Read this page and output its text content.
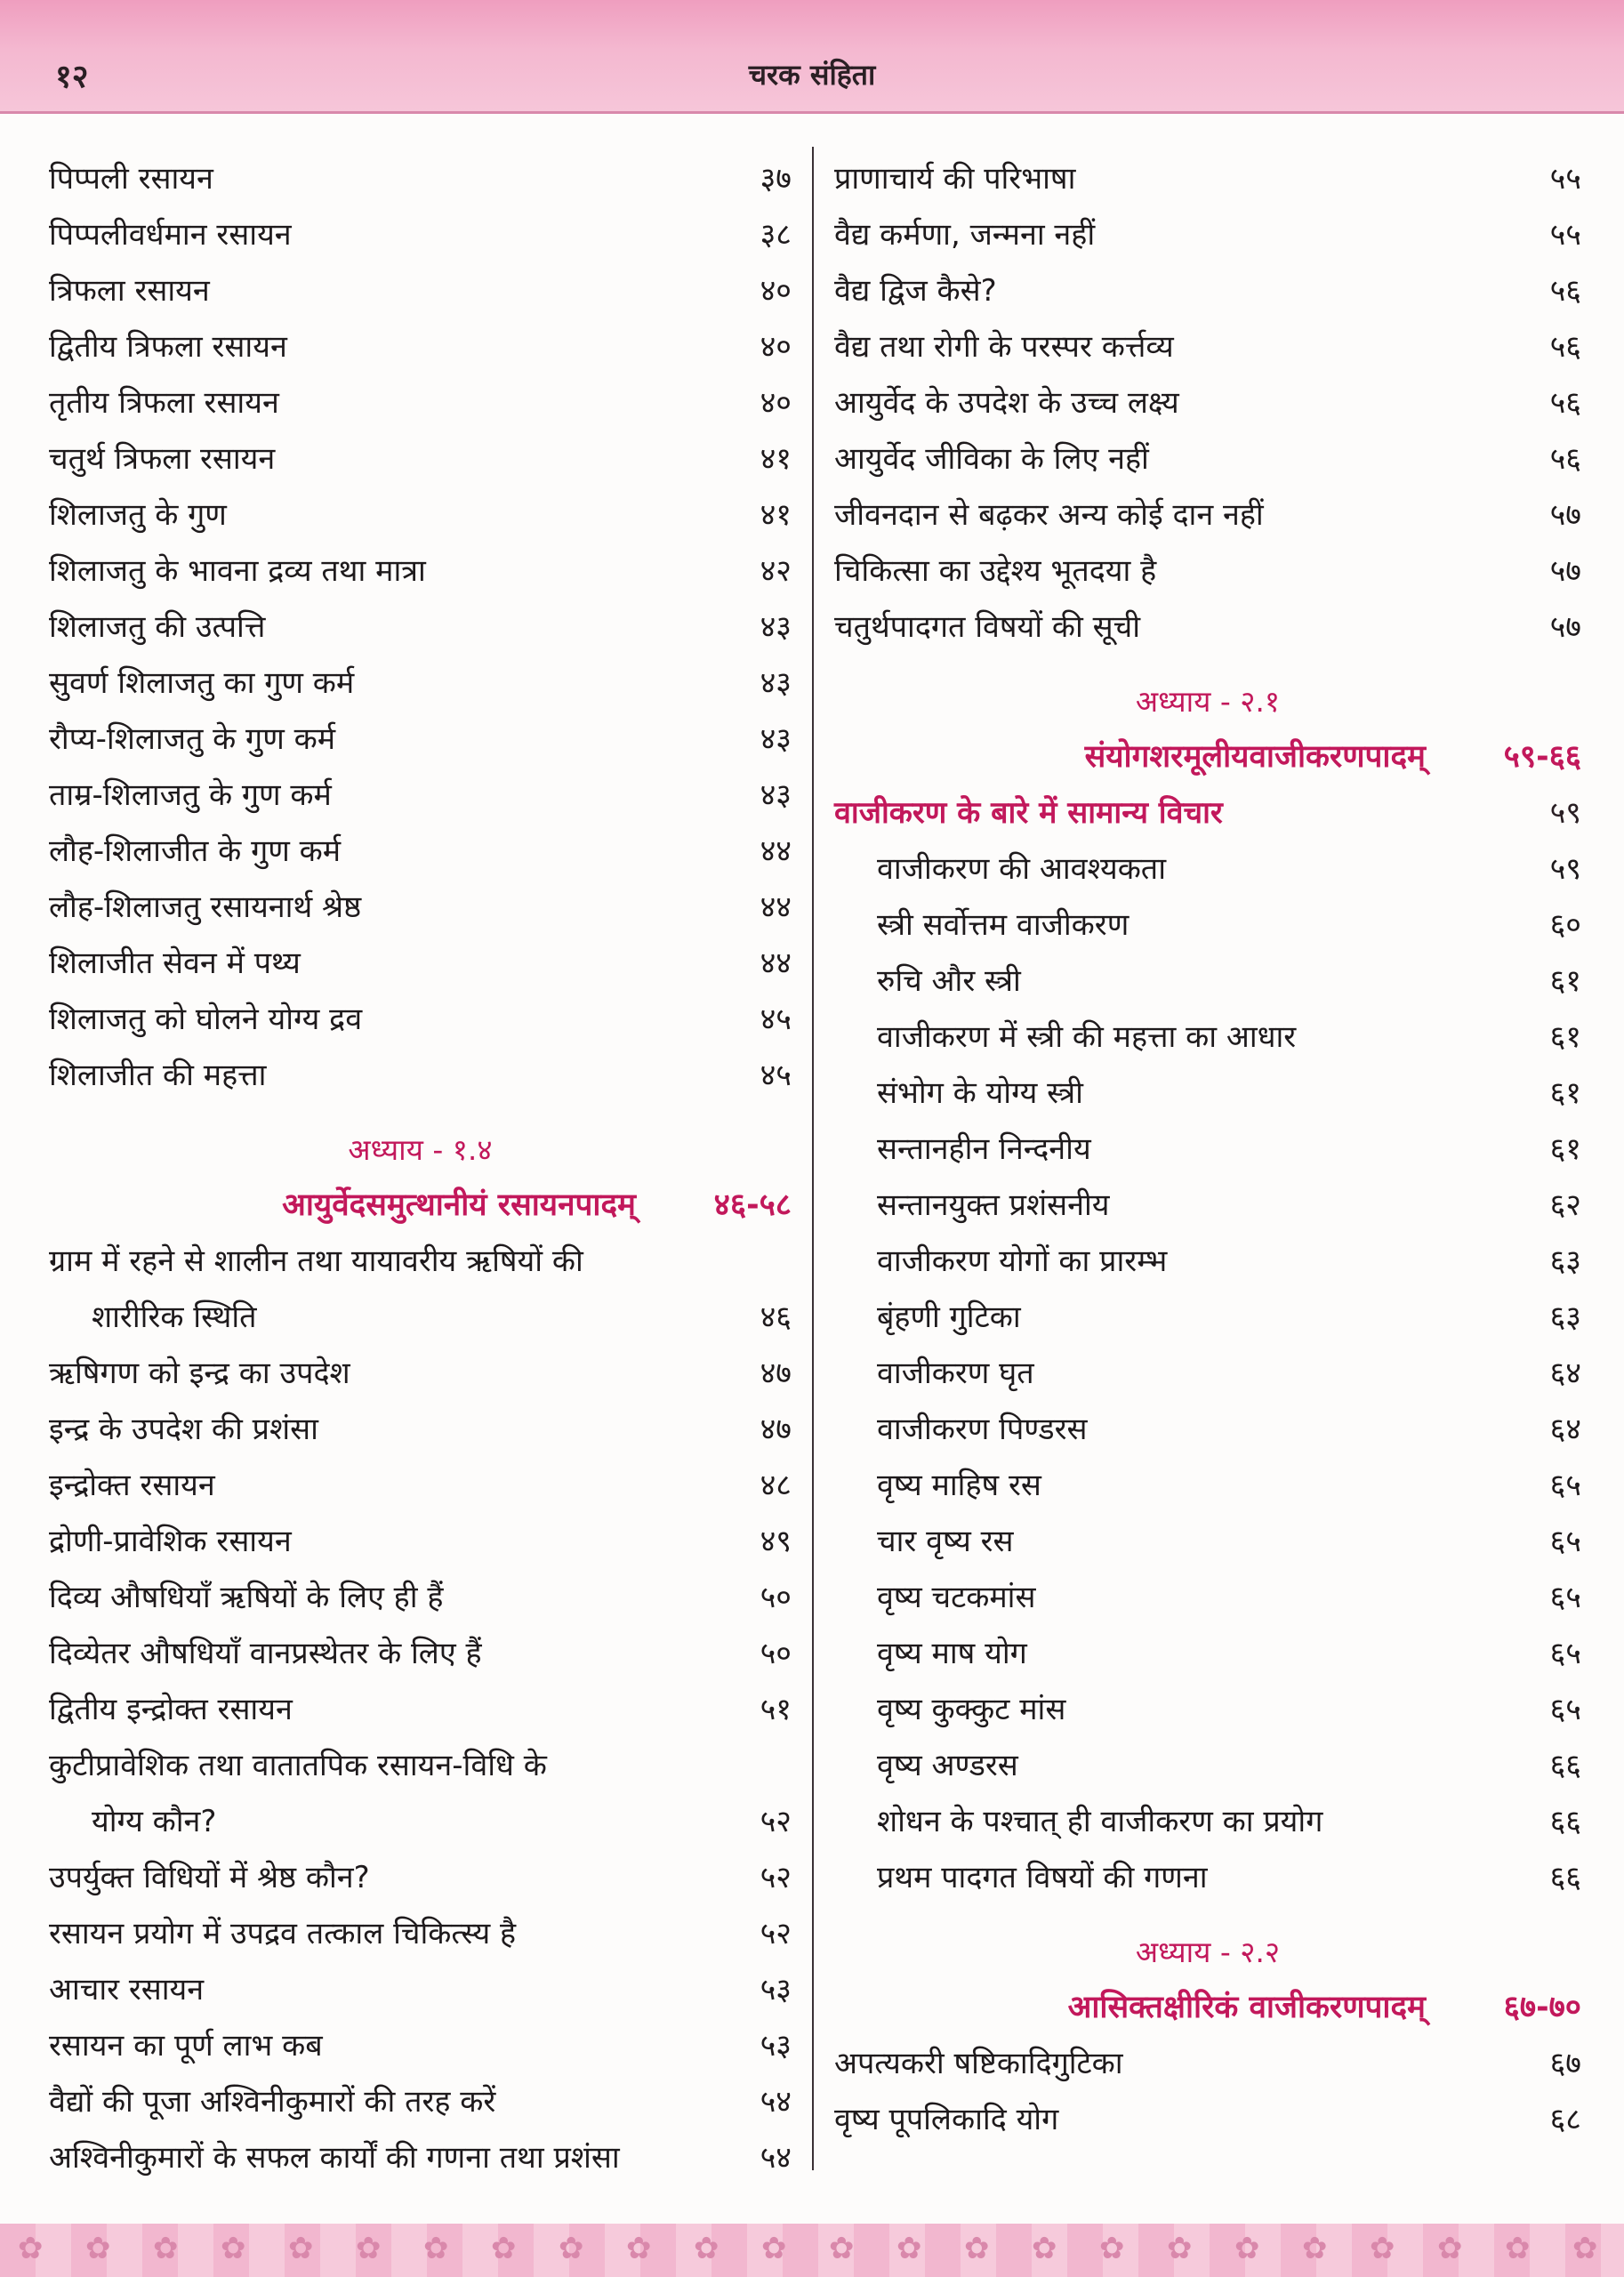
१२	चरक संहिता
पिप्पली रसायन	३७
पिप्पलीवर्धमान रसायन	३८
त्रिफला रसायन	४०
द्वितीय त्रिफला रसायन	४०
तृतीय त्रिफला रसायन	४०
चतुर्थ त्रिफला रसायन	४१
शिलाजतु के गुण	४१
शिलाजतु के भावना द्रव्य तथा मात्रा	४२
शिलाजतु की उत्पत्ति	४३
सुवर्ण शिलाजतु का गुण कर्म	४३
रौप्य-शिलाजतु के गुण कर्म	४३
ताम्र-शिलाजतु के गुण कर्म	४३
लौह-शिलाजीत के गुण कर्म	४४
लौह-शिलाजतु रसायनार्थ श्रेष्ठ	४४
शिलाजीत सेवन में पथ्य	४४
शिलाजतु को घोलने योग्य द्रव	४५
शिलाजीत की महत्ता	४५
अध्याय - १.४
आयुर्वेदसमुत्थानीयं रसायनपादम्	४६-५८
ग्राम में रहने से शालीन तथा यायावरीय ऋषियों की
शारीरिक स्थिति	४६
ऋषिगण को इन्द्र का उपदेश	४७
इन्द्र के उपदेश की प्रशंसा	४७
इन्द्रोक्त रसायन	४८
द्रोणी-प्रावेशिक रसायन	४९
दिव्य औषधियाँ ऋषियों के लिए ही हैं	५०
दिव्येतर औषधियाँ वानप्रस्थेतर के लिए हैं	५०
द्वितीय इन्द्रोक्त रसायन	५१
कुटीप्रावेशिक तथा वातातपिक रसायन-विधि के
योग्य कौन?	५२
उपर्युक्त विधियों में श्रेष्ठ कौन?	५२
रसायन प्रयोग में उपद्रव तत्काल चिकित्स्य है	५२
आचार रसायन	५३
रसायन का पूर्ण लाभ कब	५३
वैद्यों की पूजा अश्विनीकुमारों की तरह करें	५४
अश्विनीकुमारों के सफल कार्यों की गणना तथा प्रशंसा	५४
प्राणाचार्य की परिभाषा	५५
वैद्य कर्मणा, जन्मना नहीं	५५
वैद्य द्विज कैसे?	५६
वैद्य तथा रोगी के परस्पर कर्त्तव्य	५६
आयुर्वेद के उपदेश के उच्च लक्ष्य	५६
आयुर्वेद जीविका के लिए नहीं	५६
जीवनदान से बढ़कर अन्य कोई दान नहीं	५७
चिकित्सा का उद्देश्य भूतदया है	५७
चतुर्थपादगत विषयों की सूची	५७
अध्याय - २.१
संयोगशरमूलीयवाजीकरणपादम्	५९-६६
वाजीकरण के बारे में सामान्य विचार	५९
वाजीकरण की आवश्यकता	५९
स्त्री सर्वोत्तम वाजीकरण	६०
रुचि और स्त्री	६१
वाजीकरण में स्त्री की महत्ता का आधार	६१
संभोग के योग्य स्त्री	६१
सन्तानहीन निन्दनीय	६१
सन्तानयुक्त प्रशंसनीय	६२
वाजीकरण योगों का प्रारम्भ	६३
बृंहणी गुटिका	६३
वाजीकरण घृत	६४
वाजीकरण पिण्डरस	६४
वृष्य माहिष रस	६५
चार वृष्य रस	६५
वृष्य चटकमांस	६५
वृष्य माष योग	६५
वृष्य कुक्कुट मांस	६५
वृष्य अण्डरस	६६
शोधन के पश्चात् ही वाजीकरण का प्रयोग	६६
प्रथम पादगत विषयों की गणना	६६
अध्याय - २.२
आसिक्तक्षीरिकं वाजीकरणपादम्	६७-७०
अपत्यकरी षष्टिकादिगुटिका	६७
वृष्य पूपलिकादि योग	६८
✿ ✿ ✿ ✿ ✿ ✿ ✿ ✿ ✿ ✿ ✿ ✿ ✿ ✿ ✿ ✿ ✿ ✿ ✿ ✿ ✿ ✿ ✿ ✿
